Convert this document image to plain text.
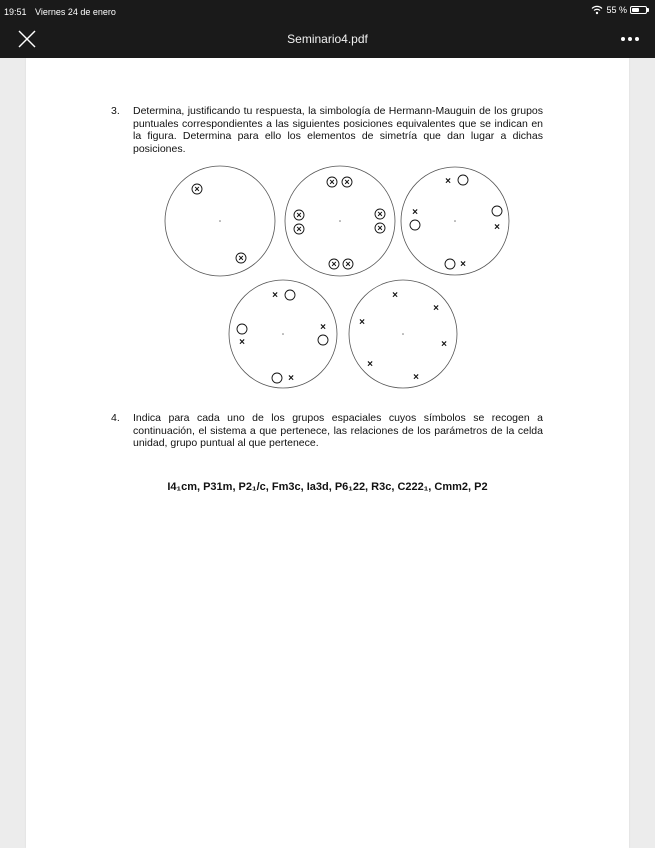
19:51 Viernes 24 de enero	55 %
Seminario4.pdf
3. Determina, justificando tu respuesta, la simbología de Hermann-Mauguin de los grupos puntuales correspondientes a las siguientes posiciones equivalentes que se indican en la figura. Determina para ello los elementos de simetría que dan lugar a dichas posiciones.
×
×
× ×
×
×
×
×
× ×
×
×
×
×
×
×
×
×
×
×
×
×
×
×
4. Indica para cada uno de los grupos espaciales cuyos símbolos se recogen a continuación, el sistema a que pertenece, las relaciones de los parámetros de la celda unidad, grupo puntual al que pertenece.
I4₁cm, P31m, P2₁/c, Fm3c, Ia3d, P6₁22, R3c, C222₁, Cmm2, P2
